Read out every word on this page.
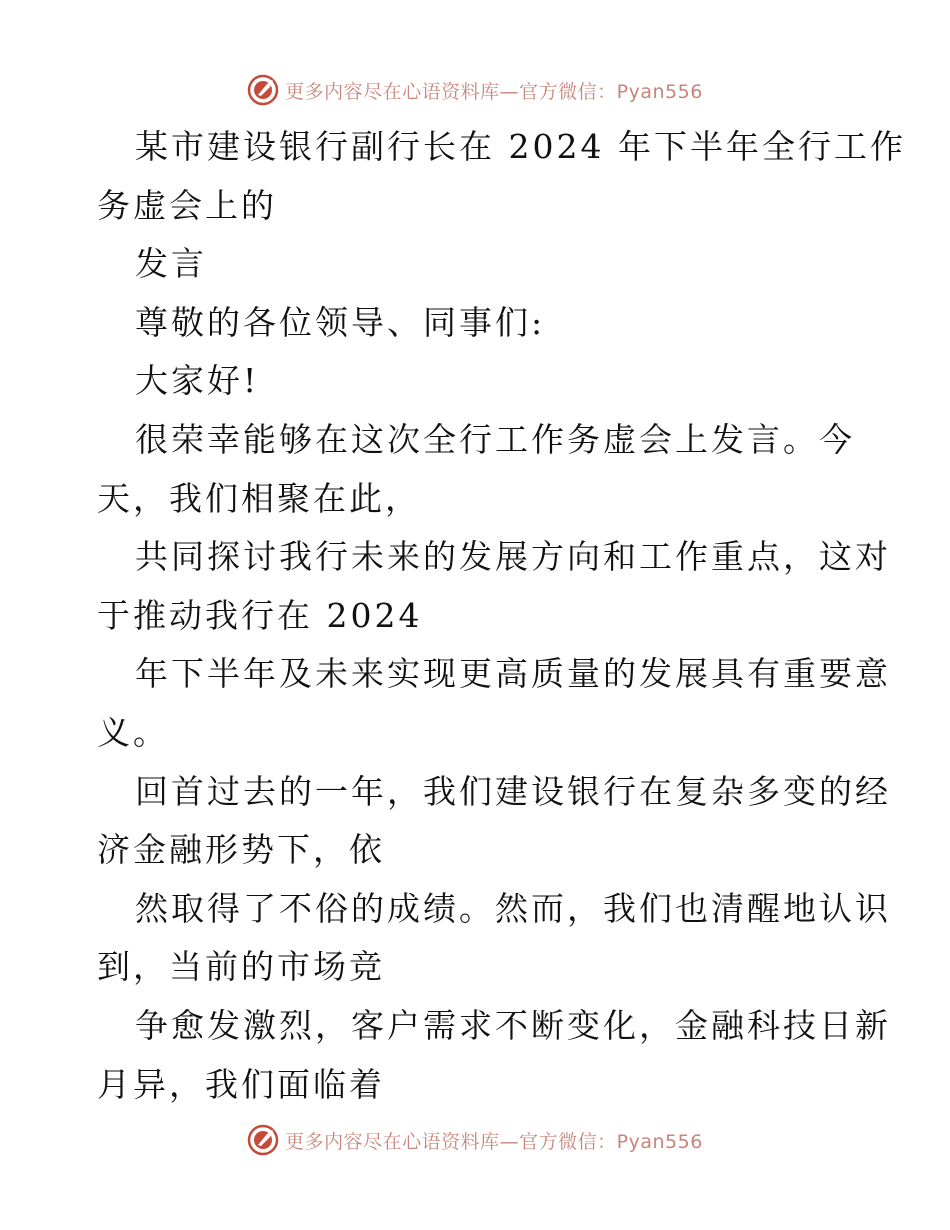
更多内容尽在心语资料库—官方微信：Pyan556
某市建设银行副行长在 2024 年下半年全行工作
务虚会上的
发言
尊敬的各位领导、同事们:
大家好!
很荣幸能够在这次全行工作务虚会上发言。今
天，我们相聚在此，
共同探讨我行未来的发展方向和工作重点，这对
于推动我行在 2024
年下半年及未来实现更高质量的发展具有重要意
义。
回首过去的一年，我们建设银行在复杂多变的经
济金融形势下，依
然取得了不俗的成绩。然而，我们也清醒地认识
到，当前的市场竞
争愈发激烈，客户需求不断变化，金融科技日新
月异，我们面临着
更多内容尽在心语资料库—官方微信：Pyan556
